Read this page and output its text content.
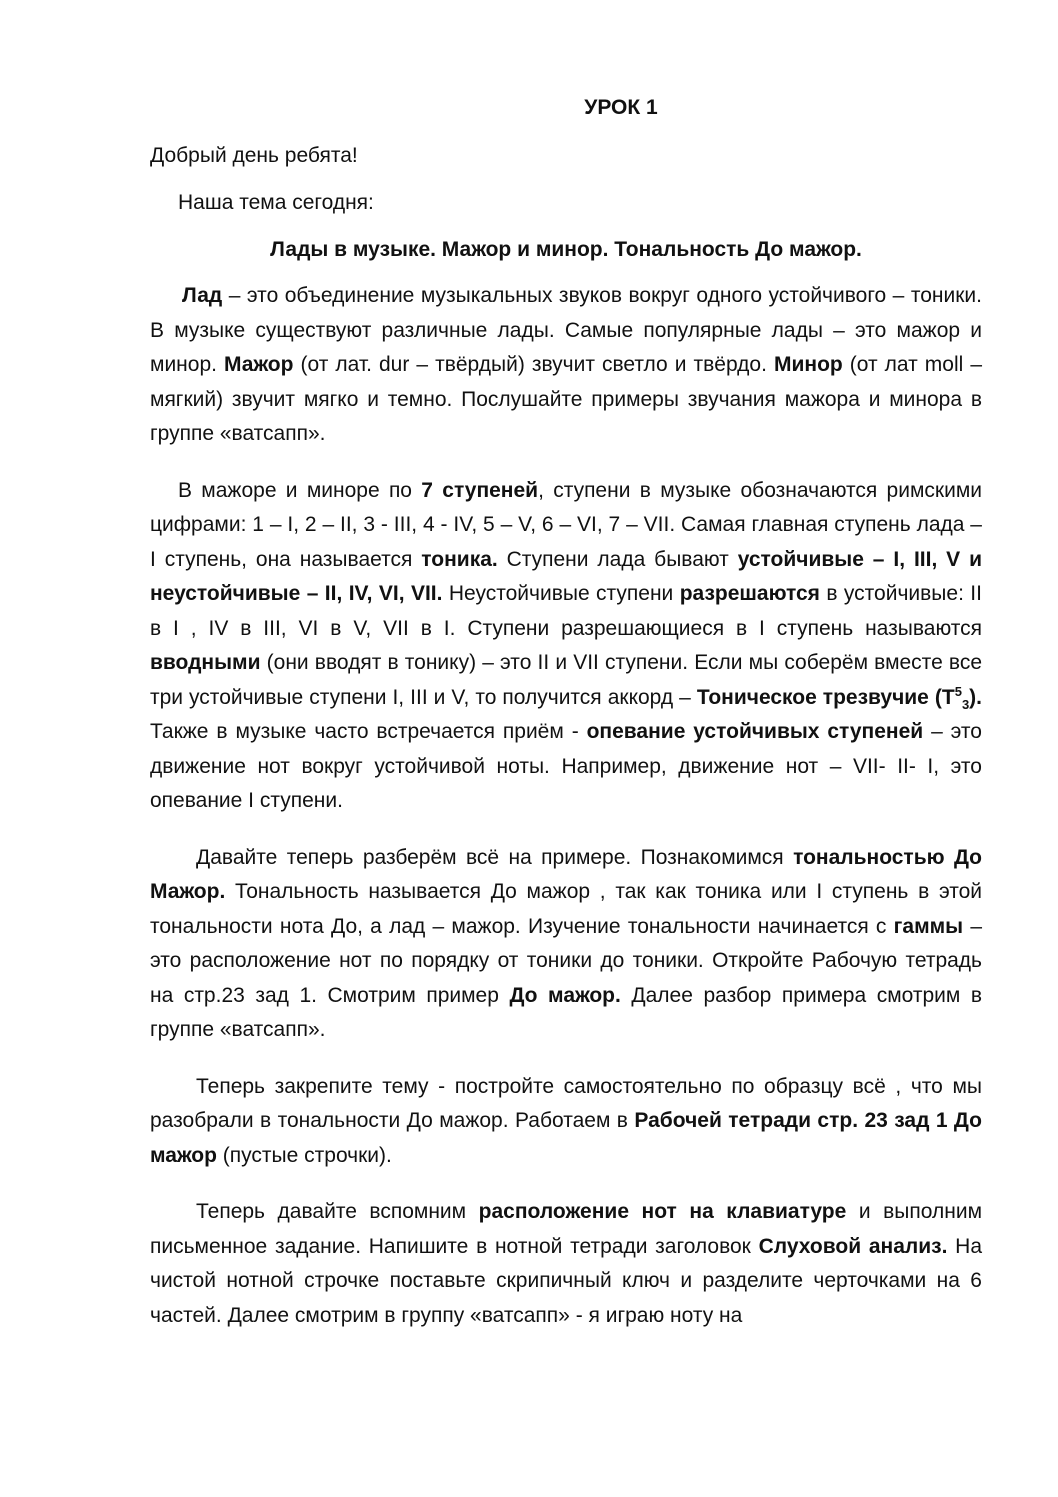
УРОК 1
Добрый день ребята!
Наша тема сегодня:
Лады в музыке. Мажор и минор. Тональность До мажор.

Лад – это объединение музыкальных звуков вокруг одного устойчивого – тоники. В музыке существуют различные лады. Самые популярные лады – это мажор и минор. Мажор (от лат. dur – твёрдый) звучит светло и твёрдо. Минор (от лат moll – мягкий) звучит мягко и темно. Послушайте примеры звучания мажора и минора в группе «ватсапп».

В мажоре и миноре по 7 ступеней, ступени в музыке обозначаются римскими цифрами: 1 – I, 2 – II, 3 - III, 4 - IV, 5 – V, 6 – VI, 7 – VII. Самая главная ступень лада – I ступень, она называется тоника. Ступени лада бывают устойчивые – I, III, V и неустойчивые – II, IV, VI, VII. Неустойчивые ступени разрешаются в устойчивые: II в I , IV в III, VI в V, VII в I. Ступени разрешающиеся в I ступень называются вводными (они вводят в тонику) – это II и VII ступени. Если мы соберём вместе все три устойчивые ступени I, III и V, то получится аккорд – Тоническое трезвучие $(T^5_3)$. Также в музыке часто встречается приём - опевание устойчивых ступеней – это движение нот вокруг устойчивой ноты. Например, движение нот – VII- II- I, это опевание I ступени.

Давайте теперь разберём всё на примере. Познакомимся тональностью До Мажор. Тональность называется До мажор , так как тоника или I ступень в этой тональности нота До, а лад – мажор. Изучение тональности начинается с гаммы – это расположение нот по порядку от тоники до тоники. Откройте Рабочую тетрадь на стр.23 зад 1. Смотрим пример До мажор. Далее разбор примера смотрим в группе «ватсапп».

Теперь закрепите тему - постройте самостоятельно по образцу всё , что мы разобрали в тональности До мажор. Работаем в Рабочей тетради стр. 23 зад 1 До мажор (пустые строчки).

Теперь давайте вспомним расположение нот на клавиатуре и выполним письменное задание. Напишите в нотной тетради заголовок Слуховой анализ. На чистой нотной строчке поставьте скрипичный ключ и разделите черточками на 6 частей. Далее смотрим в группу «ватсапп» - я играю ноту на
